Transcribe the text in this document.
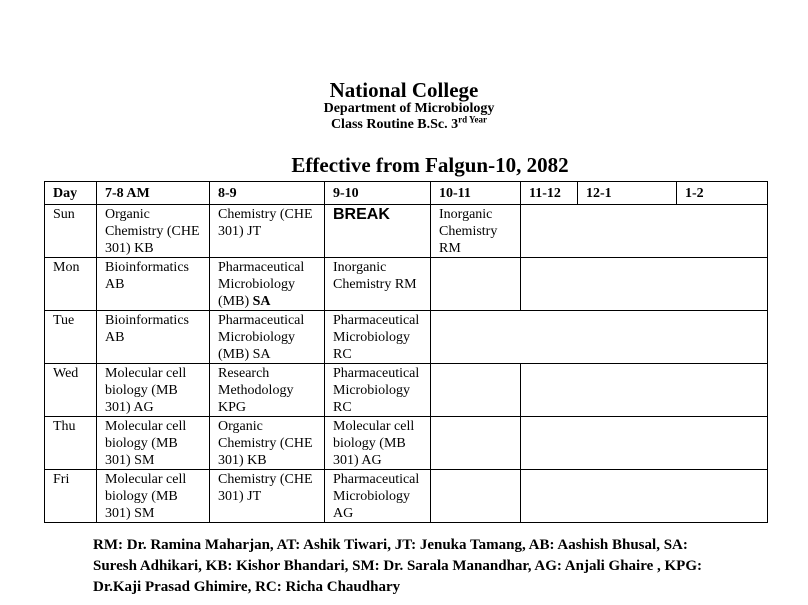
National College
Department of Microbiology
Class Routine B.Sc. $3^{rd Year}$
Effective from Falgun-10, 2082
Day	7-8 AM	8-9	9-10	10-11	11-12	12-1	1-2
Sun	Organic Chemistry (CHE 301) KB	Chemistry (CHE 301) JT	BREAK	Inorganic Chemistry RM			
Mon	Bioinformatics AB	Pharmaceutical Microbiology (MB) SA	Inorganic Chemistry RM				
Tue	Bioinformatics AB	Pharmaceutical Microbiology (MB) SA	Pharmaceutical Microbiology RC				
Wed	Molecular cell biology (MB 301) AG	Research Methodology KPG	Pharmaceutical Microbiology RC				
Thu	Molecular cell biology (MB 301) SM	Organic Chemistry (CHE 301) KB	Molecular cell biology (MB 301) AG				
Fri	Molecular cell biology (MB 301) SM	Chemistry (CHE 301) JT	Pharmaceutical Microbiology AG				
RM: Dr. Ramina Maharjan, AT: Ashik Tiwari, JT: Jenuka Tamang, AB: Aashish Bhusal, SA: Suresh Adhikari, KB: Kishor Bhandari, SM: Dr. Sarala Manandhar, AG: Anjali Ghaire , KPG: Dr.Kaji Prasad Ghimire, RC: Richa Chaudhary
